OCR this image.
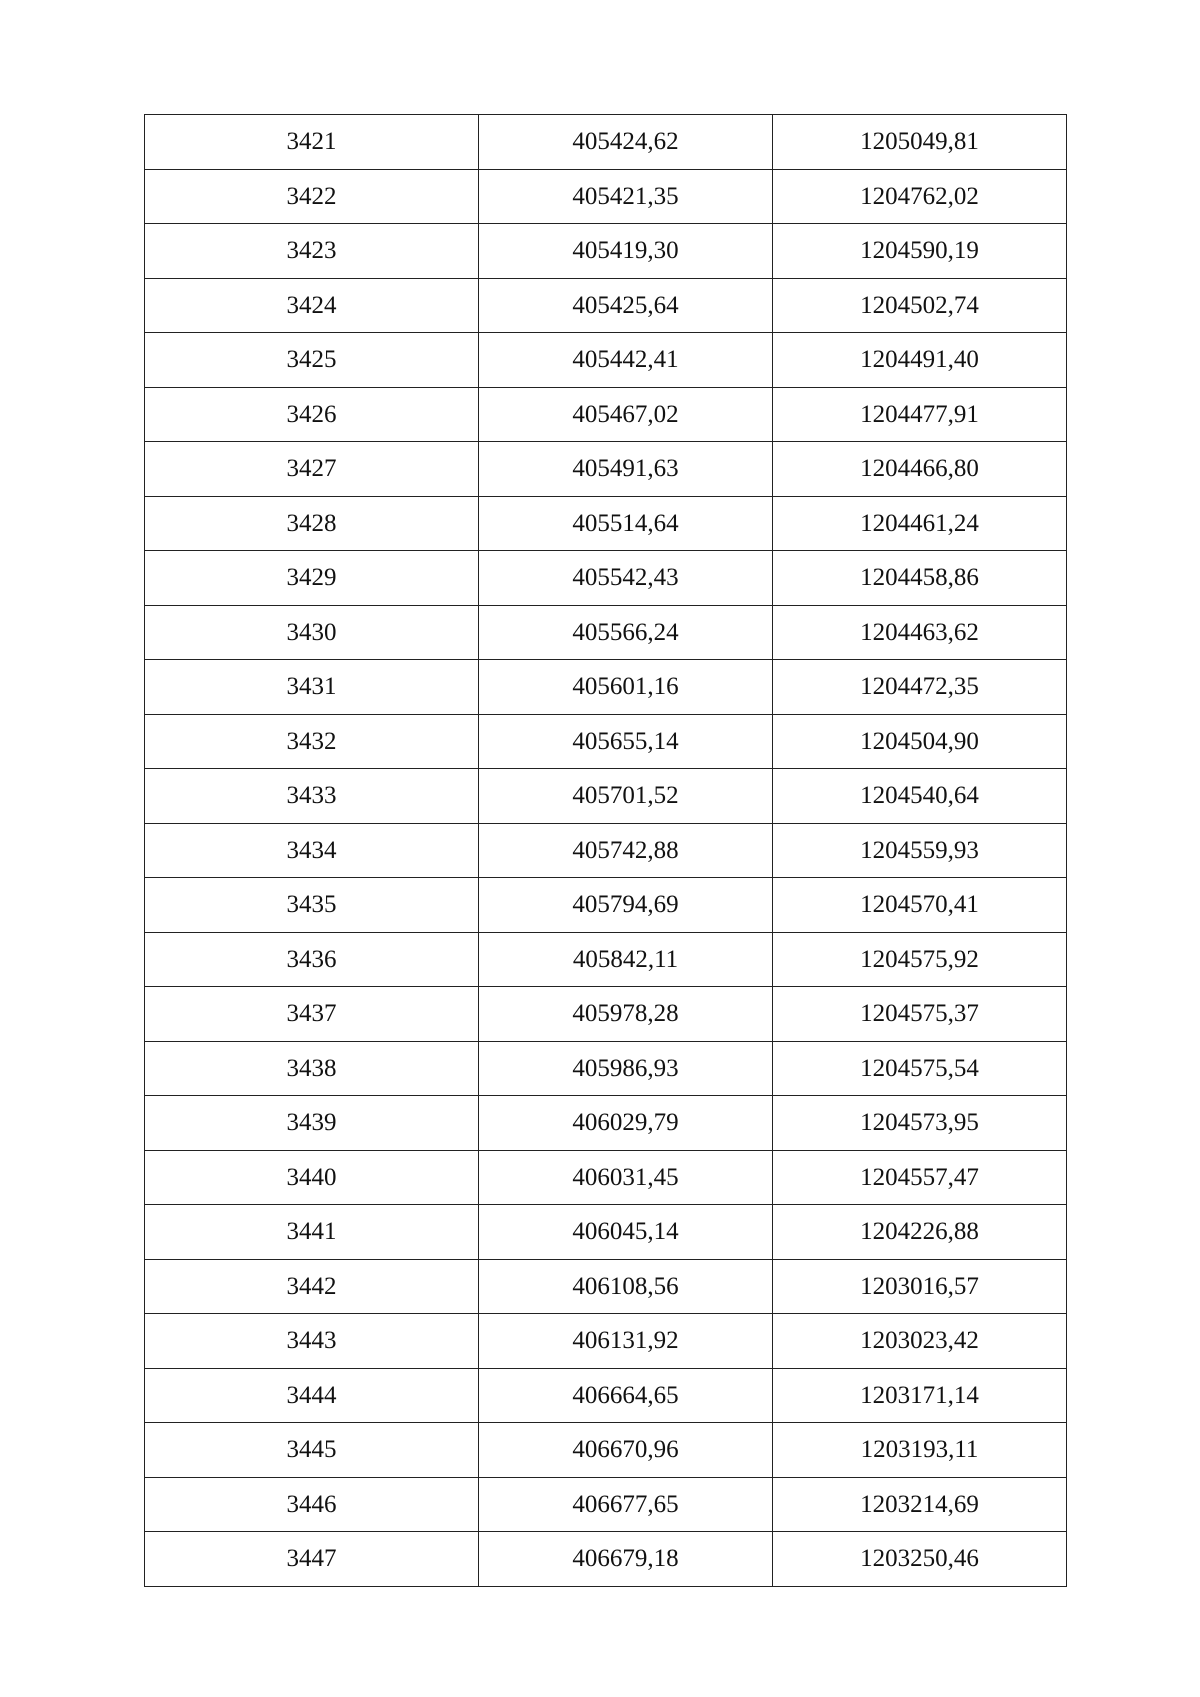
3421	405424,62	1205049,81
3422	405421,35	1204762,02
3423	405419,30	1204590,19
3424	405425,64	1204502,74
3425	405442,41	1204491,40
3426	405467,02	1204477,91
3427	405491,63	1204466,80
3428	405514,64	1204461,24
3429	405542,43	1204458,86
3430	405566,24	1204463,62
3431	405601,16	1204472,35
3432	405655,14	1204504,90
3433	405701,52	1204540,64
3434	405742,88	1204559,93
3435	405794,69	1204570,41
3436	405842,11	1204575,92
3437	405978,28	1204575,37
3438	405986,93	1204575,54
3439	406029,79	1204573,95
3440	406031,45	1204557,47
3441	406045,14	1204226,88
3442	406108,56	1203016,57
3443	406131,92	1203023,42
3444	406664,65	1203171,14
3445	406670,96	1203193,11
3446	406677,65	1203214,69
3447	406679,18	1203250,46
